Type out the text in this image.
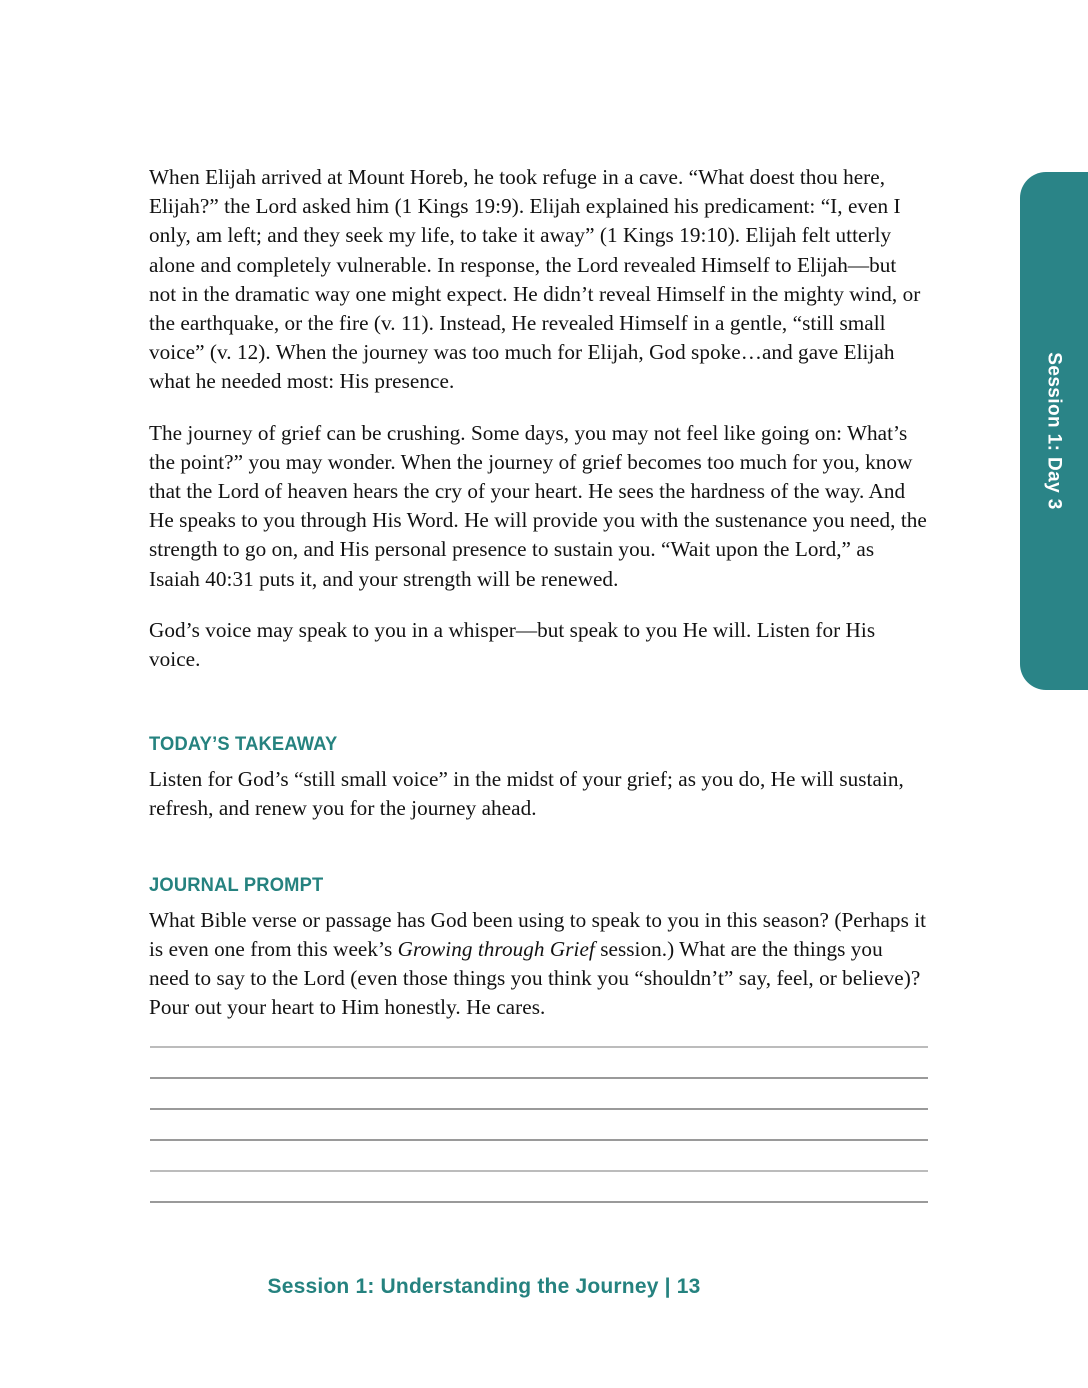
Session 1: Day 3

When Elijah arrived at Mount Horeb, he took refuge in a cave. “What doest thou here, Elijah?” the Lord asked him (1 Kings 19:9). Elijah explained his predicament: “I, even I only, am left; and they seek my life, to take it away” (1 Kings 19:10). Elijah felt utterly alone and completely vulnerable. In response, the Lord revealed Himself to Elijah—but not in the dramatic way one might expect. He didn’t reveal Himself in the mighty wind, or the earthquake, or the fire (v. 11). Instead, He revealed Himself in a gentle, “still small voice” (v. 12). When the journey was too much for Elijah, God spoke…and gave Elijah what he needed most: His presence.

The journey of grief can be crushing. Some days, you may not feel like going on: What’s the point?” you may wonder. When the journey of grief becomes too much for you, know that the Lord of heaven hears the cry of your heart. He sees the hardness of the way. And He speaks to you through His Word. He will provide you with the sustenance you need, the strength to go on, and His personal presence to sustain you. “Wait upon the Lord,” as Isaiah 40:31 puts it, and your strength will be renewed.

God’s voice may speak to you in a whisper—but speak to you He will. Listen for His voice.

TODAY’S TAKEAWAY

Listen for God’s “still small voice” in the midst of your grief; as you do, He will sustain, refresh, and renew you for the journey ahead.

JOURNAL PROMPT

What Bible verse or passage has God been using to speak to you in this season? (Perhaps it is even one from this week’s Growing through Grief session.) What are the things you need to say to the Lord (even those things you think you “shouldn’t” say, feel, or believe)? Pour out your heart to Him honestly. He cares.

Session 1: Understanding the Journey | 13
